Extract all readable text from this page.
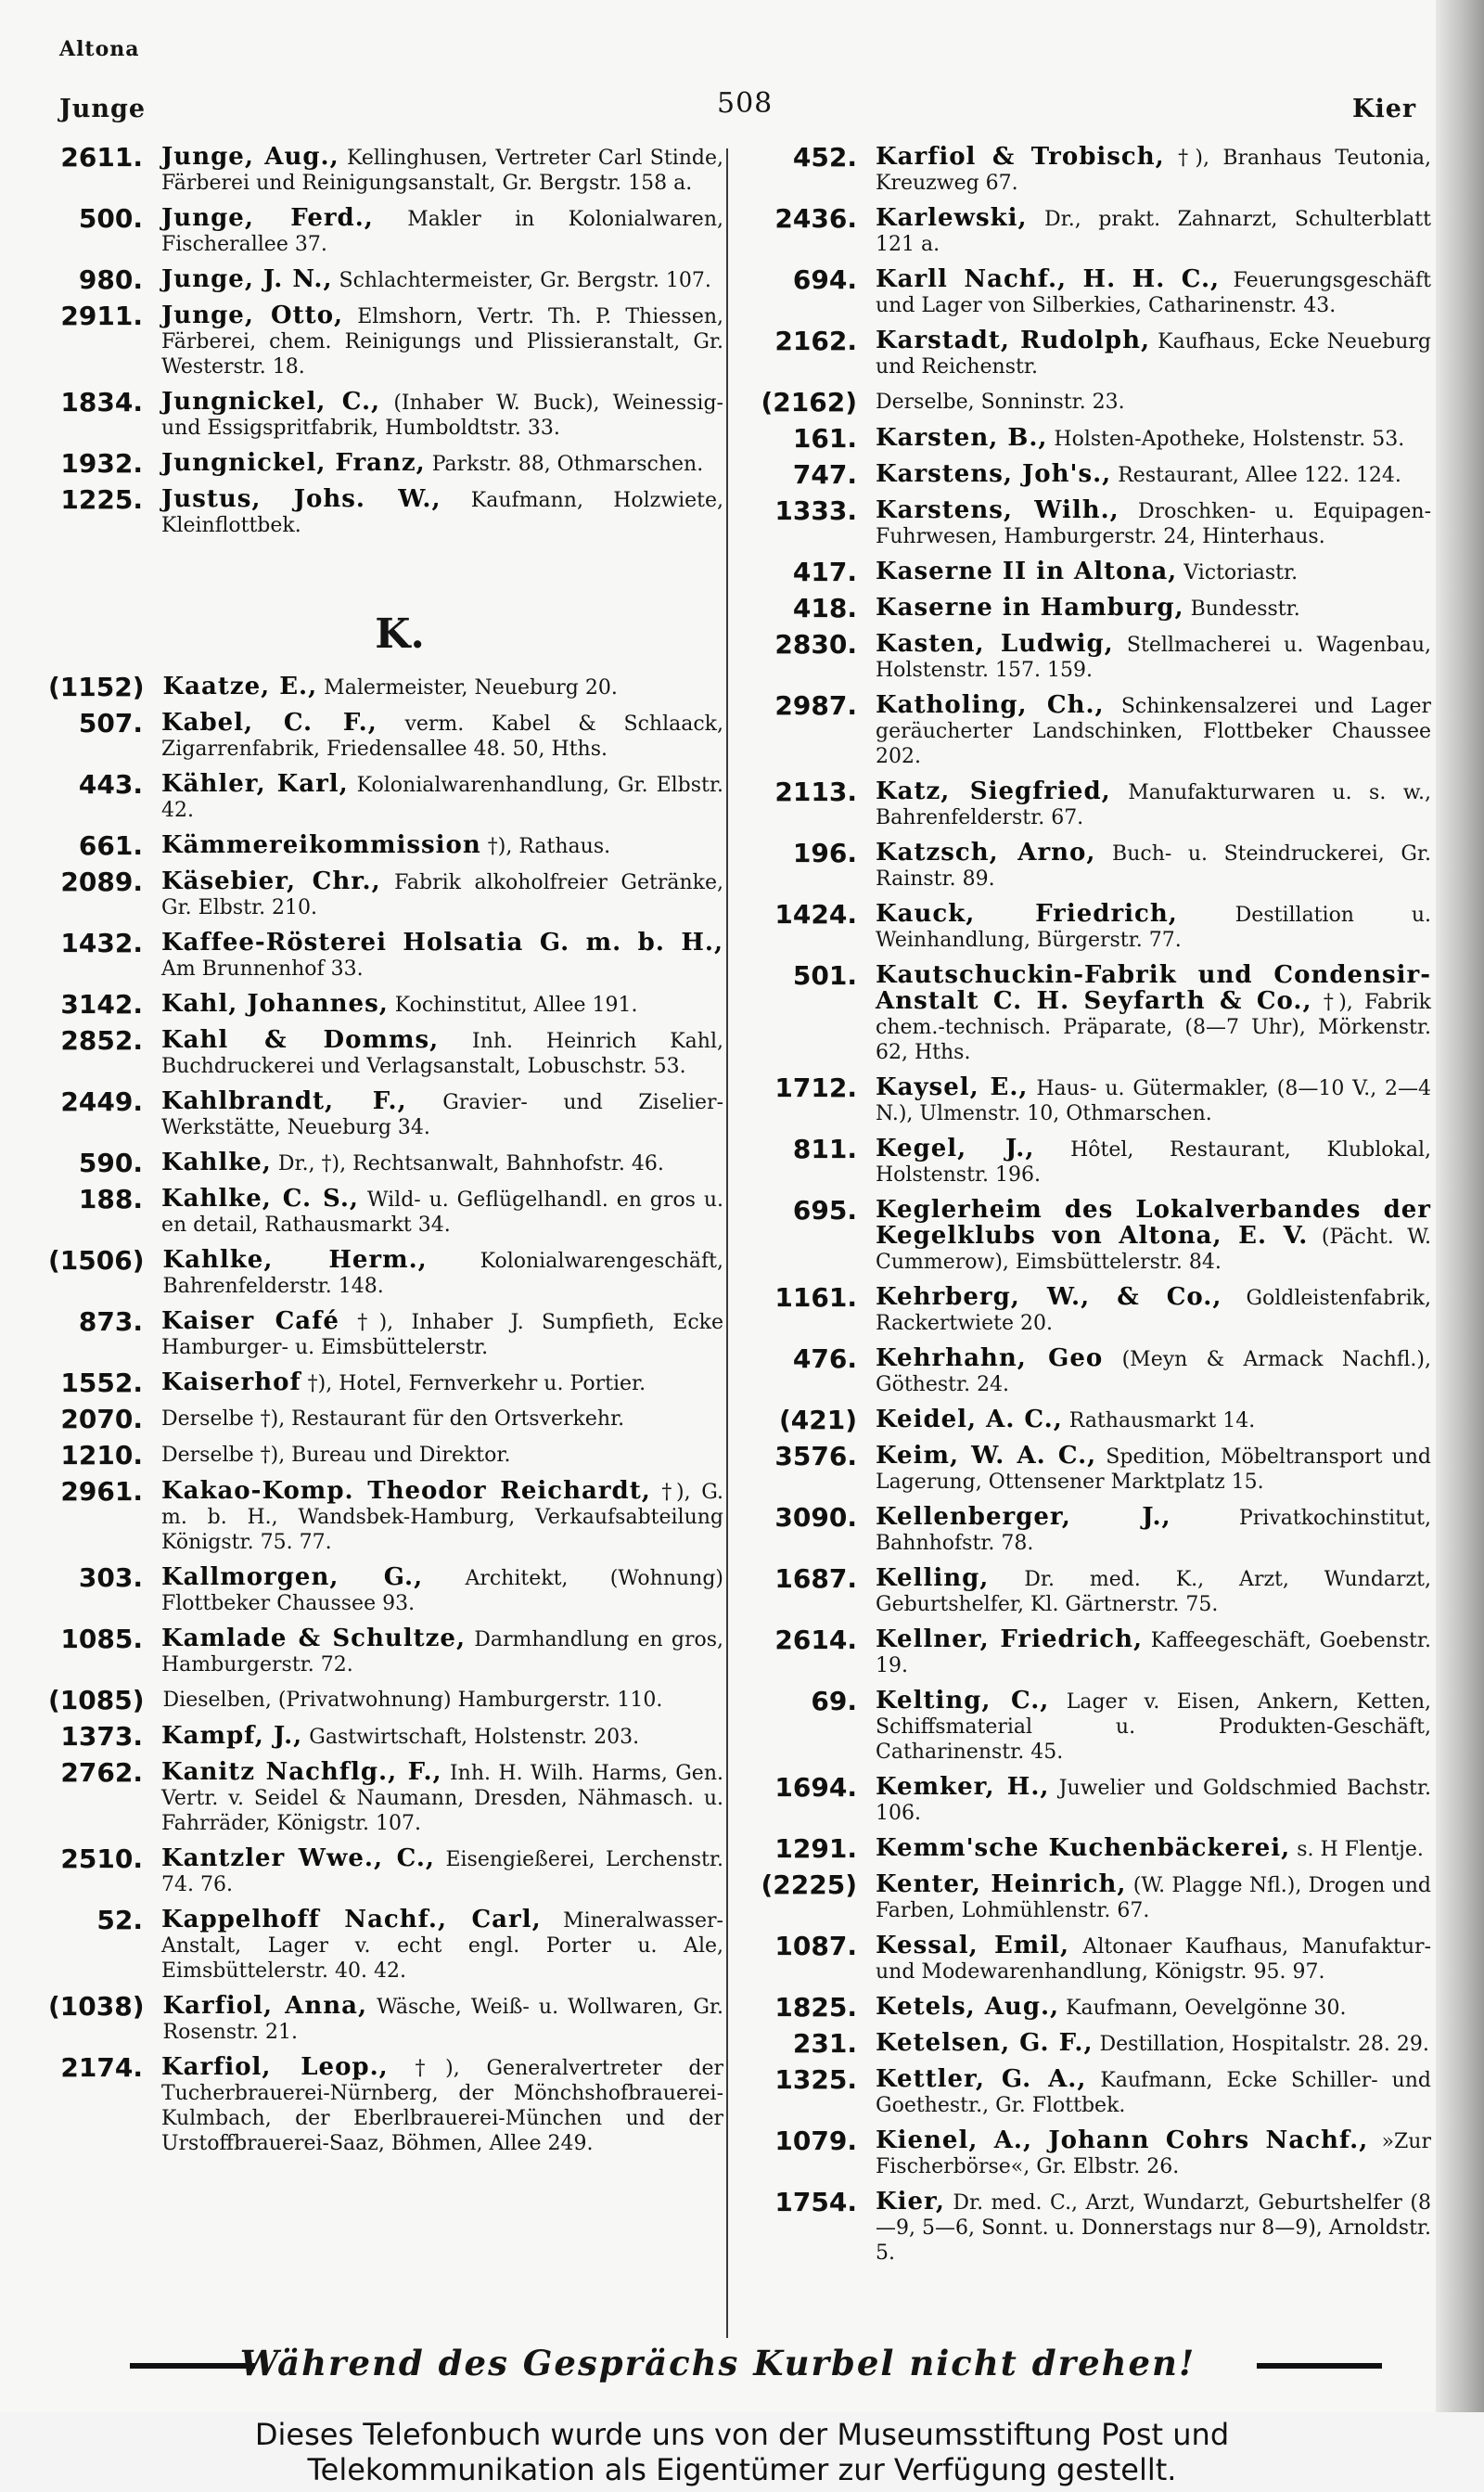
Altona
Junge	508	Kier
2611. Junge, Aug., Kellinghusen, Vertreter Carl Stinde, Färberei und Reinigungsanstalt, Gr. Bergstr. 158 a.
500. Junge, Ferd., Makler in Kolonialwaren, Fischerallee 37.
980. Junge, J. N., Schlachtermeister, Gr. Bergstr. 107.
2911. Junge, Otto, Elmshorn, Vertr. Th. P. Thiessen, Färberei, chem. Reinigungs und Plissieranstalt, Gr. Westerstr. 18.
1834. Jungnickel, C., (Inhaber W. Buck), Weinessig- und Essigspritfabrik, Humboldtstr. 33.
1932. Jungnickel, Franz, Parkstr. 88, Othmarschen.
1225. Justus, Johs. W., Kaufmann, Holzwiete, Kleinflottbek.
K.
(1152) Kaatze, E., Malermeister, Neueburg 20.
507. Kabel, C. F., verm. Kabel & Schlaack, Zigarrenfabrik, Friedensallee 48. 50, Hths.
443. Kähler, Karl, Kolonialwarenhandlung, Gr. Elbstr. 42.
661. Kämmereikommission †), Rathaus.
2089. Käsebier, Chr., Fabrik alkoholfreier Getränke, Gr. Elbstr. 210.
1432. Kaffee-Rösterei Holsatia G. m. b. H., Am Brunnenhof 33.
3142. Kahl, Johannes, Kochinstitut, Allee 191.
2852. Kahl & Domms, Inh. Heinrich Kahl, Buchdruckerei und Verlagsanstalt, Lobuschstr. 53.
2449. Kahlbrandt, F., Gravier- und Ziselier-Werkstätte, Neueburg 34.
590. Kahlke, Dr., †), Rechtsanwalt, Bahnhofstr. 46.
188. Kahlke, C. S., Wild- u. Geflügelhandl. en gros u. en detail, Rathausmarkt 34.
(1506) Kahlke, Herm.,	Kolonialwarengeschäft, Bahrenfelderstr. 148.
873. Kaiser Café †), Inhaber J. Sumpfieth, Ecke Hamburger- u. Eimsbüttelerstr.
1552. Kaiserhof †), Hotel, Fernverkehr u. Portier.
2070. Derselbe †), Restaurant für den Ortsverkehr.
1210. Derselbe †), Bureau und Direktor.
2961. Kakao-Komp. Theodor Reichardt, †), G. m. b. H., Wandsbek-Hamburg, Verkaufsabteilung Königstr. 75. 77.
303. Kallmorgen, G., Architekt, (Wohnung) Flottbeker Chaussee 93.
1085. Kamlade & Schultze, Darmhandlung en gros, Hamburgerstr. 72.
(1085) Dieselben, (Privatwohnung) Hamburgerstr. 110.
1373. Kampf, J., Gastwirtschaft, Holstenstr. 203.
2762. Kanitz Nachflg., F., Inh. H. Wilh. Harms, Gen. Vertr. v. Seidel & Naumann, Dresden, Nähmasch. u. Fahrräder, Königstr. 107.
2510. Kantzler Wwe., C., Eisengießerei, Lerchenstr. 74. 76.
52. Kappelhoff Nachf., Carl, Mineralwasser-Anstalt, Lager v. echt engl. Porter u. Ale, Eimsbüttelerstr. 40. 42.
(1038) Karfiol, Anna, Wäsche, Weiß- u. Wollwaren, Gr. Rosenstr. 21.
2174. Karfiol, Leop., †), Generalvertreter der Tucherbrauerei-Nürnberg, der Mönchshofbrauerei-Kulmbach, der Eberlbrauerei-München und der Urstoffbrauerei-Saaz, Böhmen, Allee 249.
452. Karfiol & Trobisch, †), Branhaus Teutonia, Kreuzweg 67.
2436. Karlewski, Dr., prakt. Zahnarzt, Schulterblatt 121 a.
694. Karll Nachf., H. H. C., Feuerungsgeschäft und Lager von Silberkies, Catharinenstr. 43.
2162. Karstadt, Rudolph, Kaufhaus, Ecke Neueburg und Reichenstr.
(2162) Derselbe, Sonninstr. 23.
161. Karsten, B., Holsten-Apotheke, Holstenstr. 53.
747. Karstens, Joh's., Restaurant, Allee 122. 124.
1333. Karstens, Wilh., Droschken- u. Equipagen-Fuhrwesen, Hamburgerstr. 24, Hinterhaus.
417. Kaserne II in Altona, Victoriastr.
418. Kaserne in Hamburg, Bundesstr.
2830. Kasten, Ludwig, Stellmacherei u. Wagenbau, Holstenstr. 157. 159.
2987. Katholing, Ch., Schinkensalzerei und Lager geräucherter Landschinken, Flottbeker Chaussee 202.
2113. Katz, Siegfried, Manufakturwaren u. s. w., Bahrenfelderstr. 67.
196. Katzsch, Arno, Buch- u. Steindruckerei, Gr. Rainstr. 89.
1424. Kauck, Friedrich,	Destillation u. Weinhandlung, Bürgerstr. 77.
501. Kautschuckin-Fabrik und Condensir-Anstalt C. H. Seyfarth & Co., †), Fabrik chem.-technisch. Präparate, (8—7 Uhr), Mörkenstr. 62, Hths.
1712. Kaysel, E., Haus- u. Gütermakler, (8—10 V., 2—4 N.), Ulmenstr. 10, Othmarschen.
811. Kegel, J., Hôtel, Restaurant, Klublokal, Holstenstr. 196.
695. Keglerheim des Lokalverbandes der Kegelklubs von Altona, E. V. (Pächt. W. Cummerow), Eimsbüttelerstr. 84.
1161. Kehrberg, W., & Co., Goldleistenfabrik, Rackertwiete 20.
476. Kehrhahn, Geo (Meyn & Armack Nachfl.), Göthestr. 24.
(421) Keidel, A. C., Rathausmarkt 14.
3576. Keim, W. A. C., Spedition, Möbeltransport und Lagerung, Ottensener Marktplatz 15.
3090. Kellenberger, J.,	Privatkochinstitut, Bahnhofstr. 78.
1687. Kelling, Dr. med. K., Arzt, Wundarzt, Geburtshelfer, Kl. Gärtnerstr. 75.
2614. Kellner, Friedrich, Kaffeegeschäft, Goebenstr. 19.
69. Kelting, C., Lager v. Eisen, Ankern, Ketten, Schiffsmaterial u. Produkten-Geschäft, Catharinenstr. 45.
1694. Kemker, H., Juwelier und Goldschmied Bachstr. 106.
1291. Kemm'sche Kuchenbäckerei, s. H Flentje.
(2225) Kenter, Heinrich, (W. Plagge Nfl.), Drogen und Farben, Lohmühlenstr. 67.
1087. Kessal, Emil, Altonaer Kaufhaus, Manufaktur- und Modewarenhandlung, Königstr. 95. 97.
1825. Ketels, Aug., Kaufmann, Oevelgönne 30.
231. Ketelsen, G. F., Destillation, Hospitalstr. 28. 29.
1325. Kettler, G. A., Kaufmann, Ecke Schiller- und Goethestr., Gr. Flottbek.
1079. Kienel, A., Johann Cohrs Nachf., »Zur Fischerbörse«, Gr. Elbstr. 26.
1754. Kier, Dr. med. C., Arzt, Wundarzt, Geburtshelfer (8—9, 5—6, Sonnt. u. Donnerstags nur 8—9), Arnoldstr. 5.
Während des Gesprächs Kurbel nicht drehen!
Dieses Telefonbuch wurde uns von der Museumsstiftung Post und
Telekommunikation als Eigentümer zur Verfügung gestellt.
